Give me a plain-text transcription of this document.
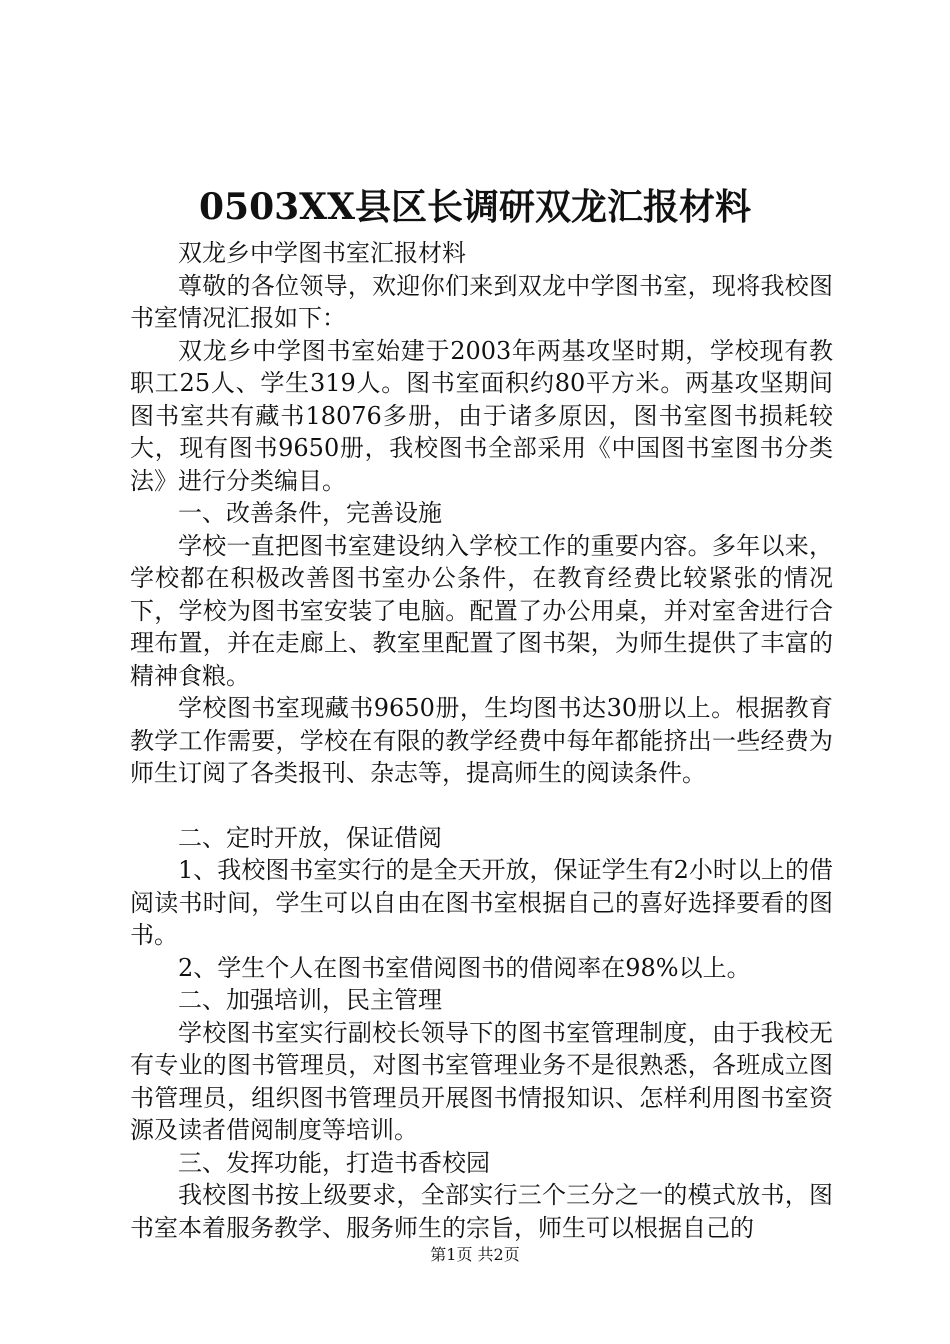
0503XX县区长调研双龙汇报材料

双龙乡中学图书室汇报材料

尊敬的各位领导，欢迎你们来到双龙中学图书室，现将我校图书室情况汇报如下：

双龙乡中学图书室始建于2003年两基攻坚时期，学校现有教职工25人、学生319人。图书室面积约80平方米。两基攻坚期间图书室共有藏书18076多册，由于诸多原因，图书室图书损耗较大，现有图书9650册，我校图书全部采用《中国图书室图书分类法》进行分类编目。

一、改善条件，完善设施

学校一直把图书室建设纳入学校工作的重要内容。多年以来，学校都在积极改善图书室办公条件，在教育经费比较紧张的情况下，学校为图书室安装了电脑。配置了办公用桌，并对室舍进行合理布置，并在走廊上、教室里配置了图书架，为师生提供了丰富的精神食粮。

学校图书室现藏书9650册，生均图书达30册以上。根据教育教学工作需要，学校在有限的教学经费中每年都能挤出一些经费为师生订阅了各类报刊、杂志等，提高师生的阅读条件。

二、定时开放，保证借阅

1、我校图书室实行的是全天开放，保证学生有2小时以上的借阅读书时间，学生可以自由在图书室根据自己的喜好选择要看的图书。

2、学生个人在图书室借阅图书的借阅率在98%以上。

二、加强培训，民主管理

学校图书室实行副校长领导下的图书室管理制度，由于我校无有专业的图书管理员，对图书室管理业务不是很熟悉，各班成立图书管理员，组织图书管理员开展图书情报知识、怎样利用图书室资源及读者借阅制度等培训。

三、发挥功能，打造书香校园

我校图书按上级要求，全部实行三个三分之一的模式放书，图书室本着服务教学、服务师生的宗旨，师生可以根据自己的

第1页 共2页
